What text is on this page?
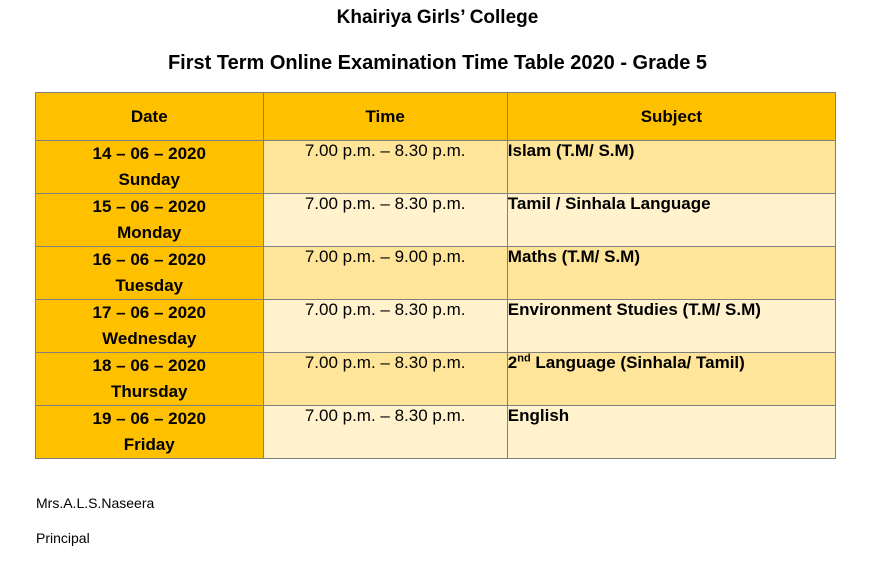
Khairiya Girls’ College
First Term Online Examination Time Table 2020 - Grade 5
Date	Time	Subject

14 – 06 – 2020
Sunday	7.00 p.m. – 8.30 p.m.	Islam (T.M/ S.M)

15 – 06 – 2020
Monday	7.00 p.m. – 8.30 p.m.	Tamil / Sinhala Language

16 – 06 – 2020
Tuesday	7.00 p.m. – 9.00 p.m.	Maths (T.M/ S.M)

17 – 06 – 2020
Wednesday	7.00 p.m. – 8.30 p.m.	Environment Studies (T.M/ S.M)

18 – 06 – 2020
Thursday	7.00 p.m. – 8.30 p.m.	2nd Language (Sinhala/ Tamil)

19 – 06 – 2020
Friday	7.00 p.m. – 8.30 p.m.	English
Mrs.A.L.S.Naseera
Principal
